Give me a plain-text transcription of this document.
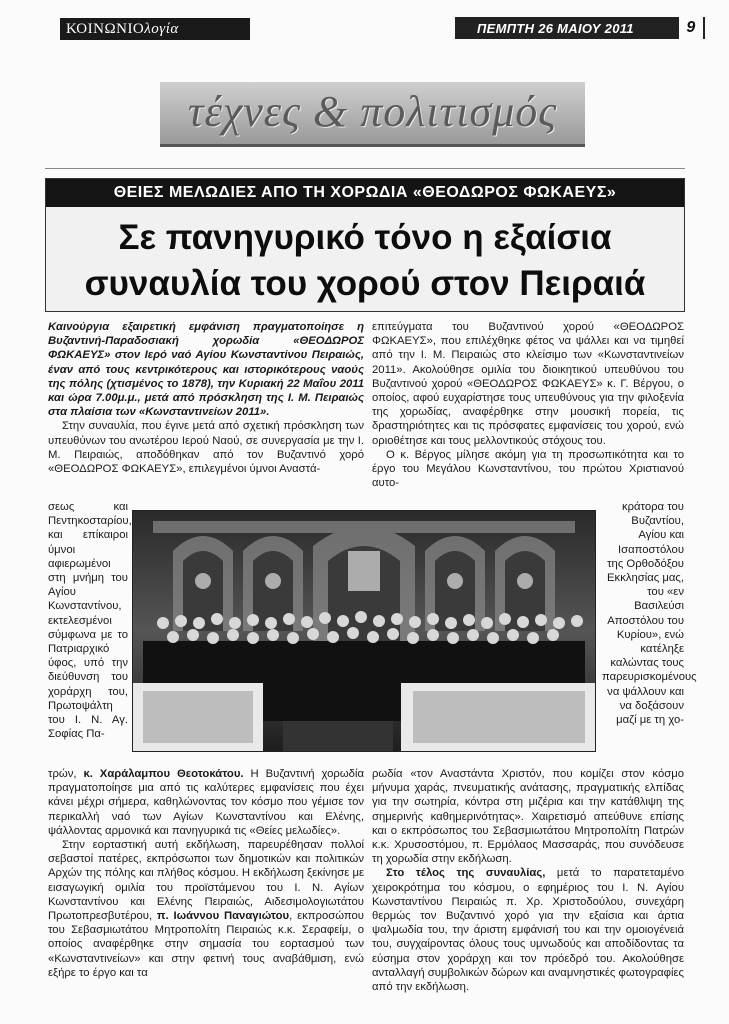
ΚΟΙΝΩΝΙΟ λογία	ΠΕΜΠΤΗ 26 ΜΑΙΟΥ 2011	9
τέχνες & πολιτισμός
ΘΕΙΕΣ ΜΕΛΩΔΙΕΣ ΑΠΟ ΤΗ ΧΟΡΩΔΙΑ «ΘΕΟΔΩΡΟΣ ΦΩΚΑΕΥΣ»
Σε πανηγυρικό τόνο η εξαίσια
συναυλία του χορού στον Πειραιά

Καινούργια εξαιρετική εμφάνιση πραγματοποίησε η Βυζαντινή-Παραδοσιακή χορωδία «ΘΕΟΔΩΡΟΣ ΦΩΚΑΕΥΣ» στον Ιερό ναό Αγίου Κωνσταντίνου Πειραιώς, έναν από τους κεντρικότερους και ιστορικότερους ναούς της πόλης (χτισμένος το 1878), την Κυριακή 22 Μαΐου 2011 και ώρα 7.00μ.μ., μετά από πρόσκληση της Ι. Μ. Πειραιώς στα πλαίσια των «Κωνσταντινείων 2011».

Στην συναυλία, που έγινε μετά από σχετική πρόσκληση των υπευθύνων του ανωτέρου Ιερού Ναού, σε συνεργασία με την Ι. Μ. Πειραιώς, αποδόθηκαν από τον Βυζαντινό χορό «ΘΕΟΔΩΡΟΣ ΦΩΚΑΕΥΣ», επιλεγμένοι ύμνοι Αναστά-

επιτεύγματα του Βυζαντινού χορού «ΘΕΟΔΩΡΟΣ ΦΩΚΑΕΥΣ», που επιλέχθηκε φέτος να ψάλλει και να τιμηθεί από την Ι. Μ. Πειραιώς στο κλείσιμο των «Κωνσταντινείων 2011». Ακολούθησε ομιλία του διοικητικού υπευθύνου του Βυζαντινού χορού «ΘΕΟΔΩΡΟΣ ΦΩΚΑΕΥΣ» κ. Γ. Βέργου, ο οποίος, αφού ευχαρίστησε τους υπευθύνους για την φιλοξενία της χορωδίας, αναφέρθηκε στην μουσική πορεία, τις δραστηριότητες και τις πρόσφατες εμφανίσεις του χορού, ενώ οριοθέτησε και τους μελλοντικούς στόχους του.

Ο κ. Βέργος μίλησε ακόμη για τη προσωπικότητα και το έργο του Μεγάλου Κωνσταντίνου, του πρώτου Χριστιανού αυτο-

σεως και Πεντηκοσταρίου, και επίκαιροι ύμνοι αφιερωμένοι στη μνήμη του Αγίου Κωνσταντίνου, εκτελεσμένοι σύμφωνα με το Πατριαρχικό ύφος, υπό την διεύθυνση του χοράρχη του, Πρωτοψάλτη του Ι. Ν. Αγ. Σοφίας Πα-
κράτορα του Βυζαντίου, Αγίου και Ισαποστόλου της Ορθοδόξου Εκκλησίας μας, του «εν Βασιλεύσι Αποστόλου του Κυρίου», ενώ κατέληξε καλώντας τους παρευρισκομένους να ψάλλουν και να δοξάσουν μαζί με τη χο-

τρών, κ. Χαράλαμπου Θεοτοκάτου. Η Βυζαντινή χορωδία πραγματοποίησε μια από τις καλύτερες εμφανίσεις που έχει κάνει μέχρι σήμερα, καθηλώνοντας τον κόσμο που γέμισε τον περικαλλή ναό των Αγίων Κωνσταντίνου και Ελένης, ψάλλοντας αρμονικά και πανηγυρικά τις «Θείες μελωδίες».

Στην εορταστική αυτή εκδήλωση, παρευρέθησαν πολλοί σεβαστοί πατέρες, εκπρόσωποι των δημοτικών και πολιτικών Αρχών της πόλης και πλήθος κόσμου. Η εκδήλωση ξεκίνησε με εισαγωγική ομιλία του προϊστάμενου του Ι. Ν. Αγίων Κωνσταντίνου και Ελένης Πειραιώς, Αιδεσιμολογιωτάτου Πρωτοπρεσβυτέρου, π. Ιωάννου Παναγιώτου, εκπροσώπου του Σεβασμιωτάτου Μητροπολίτη Πειραιώς κ.κ. Σεραφείμ, ο οποίος αναφέρθηκε στην σημασία του εορτασμού των «Κωνσταντινείων» και στην φετινή τους αναβάθμιση, ενώ εξήρε το έργο και τα

ρωδία «τον Αναστάντα Χριστόν, που κομίζει στον κόσμο μήνυμα χαράς, πνευματικής ανάτασης, πραγματικής ελπίδας για την σωτηρία, κόντρα στη μιζέρια και την κατάθλιψη της σημερινής καθημερινότητας». Χαιρετισμό απεύθυνε επίσης και ο εκπρόσωπος του Σεβασμιωτάτου Μητροπολίτη Πατρών κ.κ. Χρυσοστόμου, π. Ερμόλαος Μασσαράς, που συνόδευσε τη χορωδία στην εκδήλωση.

Στο τέλος της συναυλίας, μετά το παρατεταμένο χειροκρότημα του κόσμου, ο εφημέριος του Ι. Ν. Αγίου Κωνσταντίνου Πειραιώς π. Χρ. Χριστοδούλου, συνεχάρη θερμώς τον Βυζαντινό χορό για την εξαίσια και άρτια ψαλμωδία του, την άριστη εμφάνισή του και την ομοιογένειά του, συγχαίροντας όλους τους υμνωδούς και αποδίδοντας τα εύσημα στον χοράρχη και τον πρόεδρό του. Ακολούθησε ανταλλαγή συμβολικών δώρων και αναμνηστικές φωτογραφίες από την εκδήλωση.
